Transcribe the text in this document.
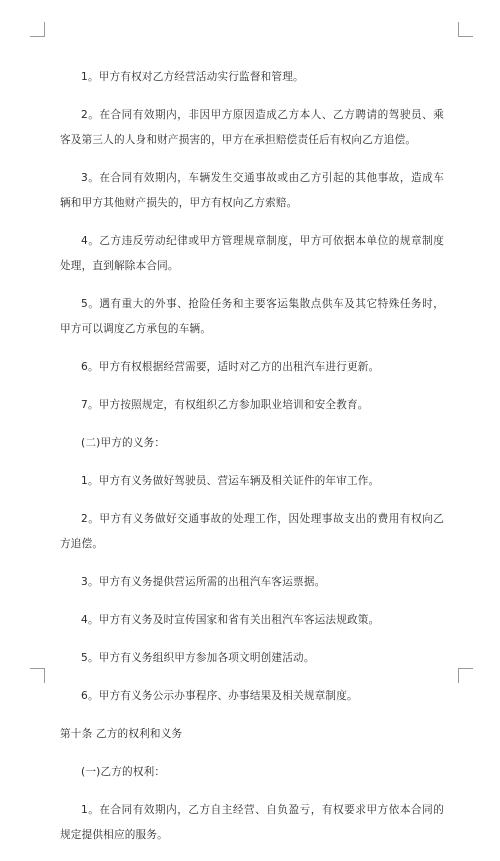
1。甲方有权对乙方经营活动实行监督和管理。

2。在合同有效期内，非因甲方原因造成乙方本人、乙方聘请的驾驶员、乘客及第三人的人身和财产损害的，甲方在承担赔偿责任后有权向乙方追偿。

3。在合同有效期内，车辆发生交通事故或由乙方引起的其他事故，造成车辆和甲方其他财产损失的，甲方有权向乙方索赔。

4。乙方违反劳动纪律或甲方管理规章制度，甲方可依据本单位的规章制度处理，直到解除本合同。

5。遇有重大的外事、抢险任务和主要客运集散点供车及其它特殊任务时，甲方可以调度乙方承包的车辆。

6。甲方有权根据经营需要，适时对乙方的出租汽车进行更新。

7。甲方按照规定，有权组织乙方参加职业培训和安全教育。

(二)甲方的义务：

1。甲方有义务做好驾驶员、营运车辆及相关证件的年审工作。

2。甲方有义务做好交通事故的处理工作，因处理事故支出的费用有权向乙方追偿。

3。甲方有义务提供营运所需的出租汽车客运票据。

4。甲方有义务及时宣传国家和省有关出租汽车客运法规政策。

5。甲方有义务组织甲方参加各项文明创建活动。

6。甲方有义务公示办事程序、办事结果及相关规章制度。

第十条 乙方的权利和义务

(一)乙方的权利：

1。在合同有效期内，乙方自主经营、自负盈亏，有权要求甲方依本合同的规定提供相应的服务。
